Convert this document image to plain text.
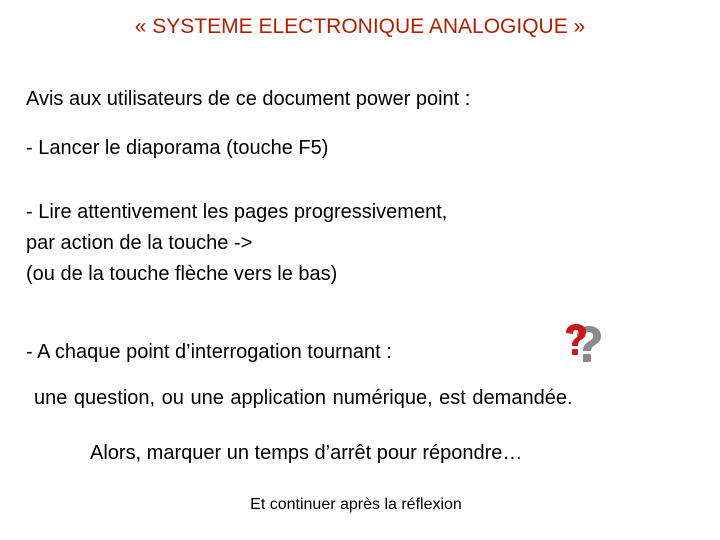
« SYSTEME ELECTRONIQUE ANALOGIQUE »
Avis aux utilisateurs de ce document power point :
- Lancer le diaporama (touche F5)
- Lire attentivement les pages progressivement,
par action de la touche ->
(ou de la touche flèche vers le bas)
- A chaque point d’interrogation tournant :
une question, ou une application numérique, est demandée.
Alors, marquer un temps d’arrêt pour répondre…
Et continuer après la réflexion
